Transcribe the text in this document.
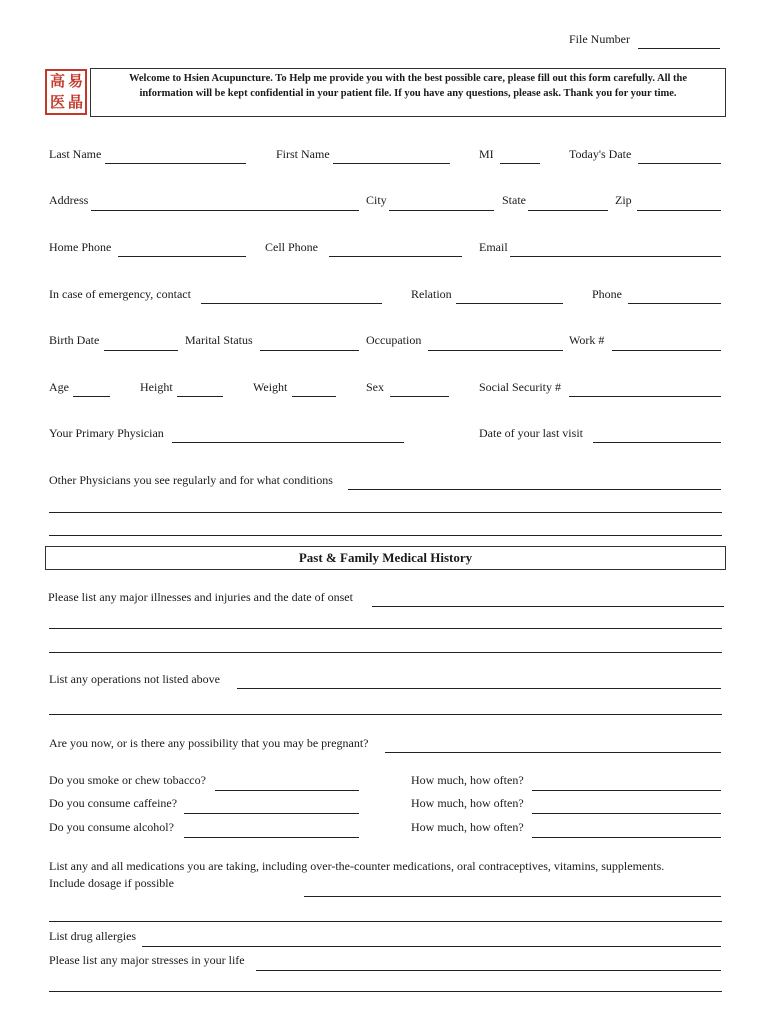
File Number
高 易
医 晶
Welcome to Hsien Acupuncture. To Help me provide you with the best possible care, please fill out this form carefully. All the
information will be kept confidential in your patient file. If you have any questions, please ask. Thank you for your time.
Last Name	First Name	MI	Today's Date
Address	City	State	Zip
Home Phone	Cell Phone	Email
In case of emergency, contact	Relation	Phone
Birth Date	Marital Status	Occupation	Work #
Age	Height	Weight	Sex	Social Security #
Your Primary Physician	Date of your last visit
Other Physicians you see regularly and for what conditions
Past & Family Medical History
Please list any major illnesses and injuries and the date of onset
List any operations not listed above
Are you now, or is there any possibility that you may be pregnant?
Do you smoke or chew tobacco?	How much, how often?
Do you consume caffeine?	How much, how often?
Do you consume alcohol?	How much, how often?
List any and all medications you are taking, including over-the-counter medications, oral contraceptives, vitamins, supplements.
Include dosage if possible
List drug allergies
Please list any major stresses in your life
